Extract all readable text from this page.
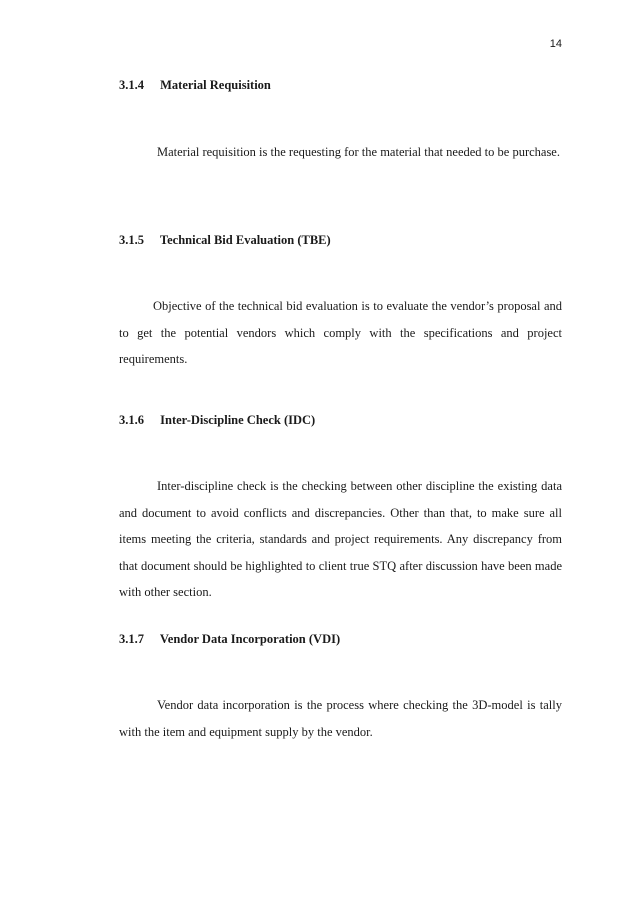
14
3.1.4 Material Requisition
Material requisition is the requesting for the material that needed to be purchase.
3.1.5 Technical Bid Evaluation (TBE)
Objective of the technical bid evaluation is to evaluate the vendor’s proposal and to get the potential vendors which comply with the specifications and project requirements.
3.1.6 Inter-Discipline Check (IDC)
Inter-discipline check is the checking between other discipline the existing data and document to avoid conflicts and discrepancies. Other than that, to make sure all items meeting the criteria, standards and project requirements. Any discrepancy from that document should be highlighted to client true STQ after discussion have been made with other section.
3.1.7 Vendor Data Incorporation (VDI)
Vendor data incorporation is the process where checking the 3D-model is tally with the item and equipment supply by the vendor.
